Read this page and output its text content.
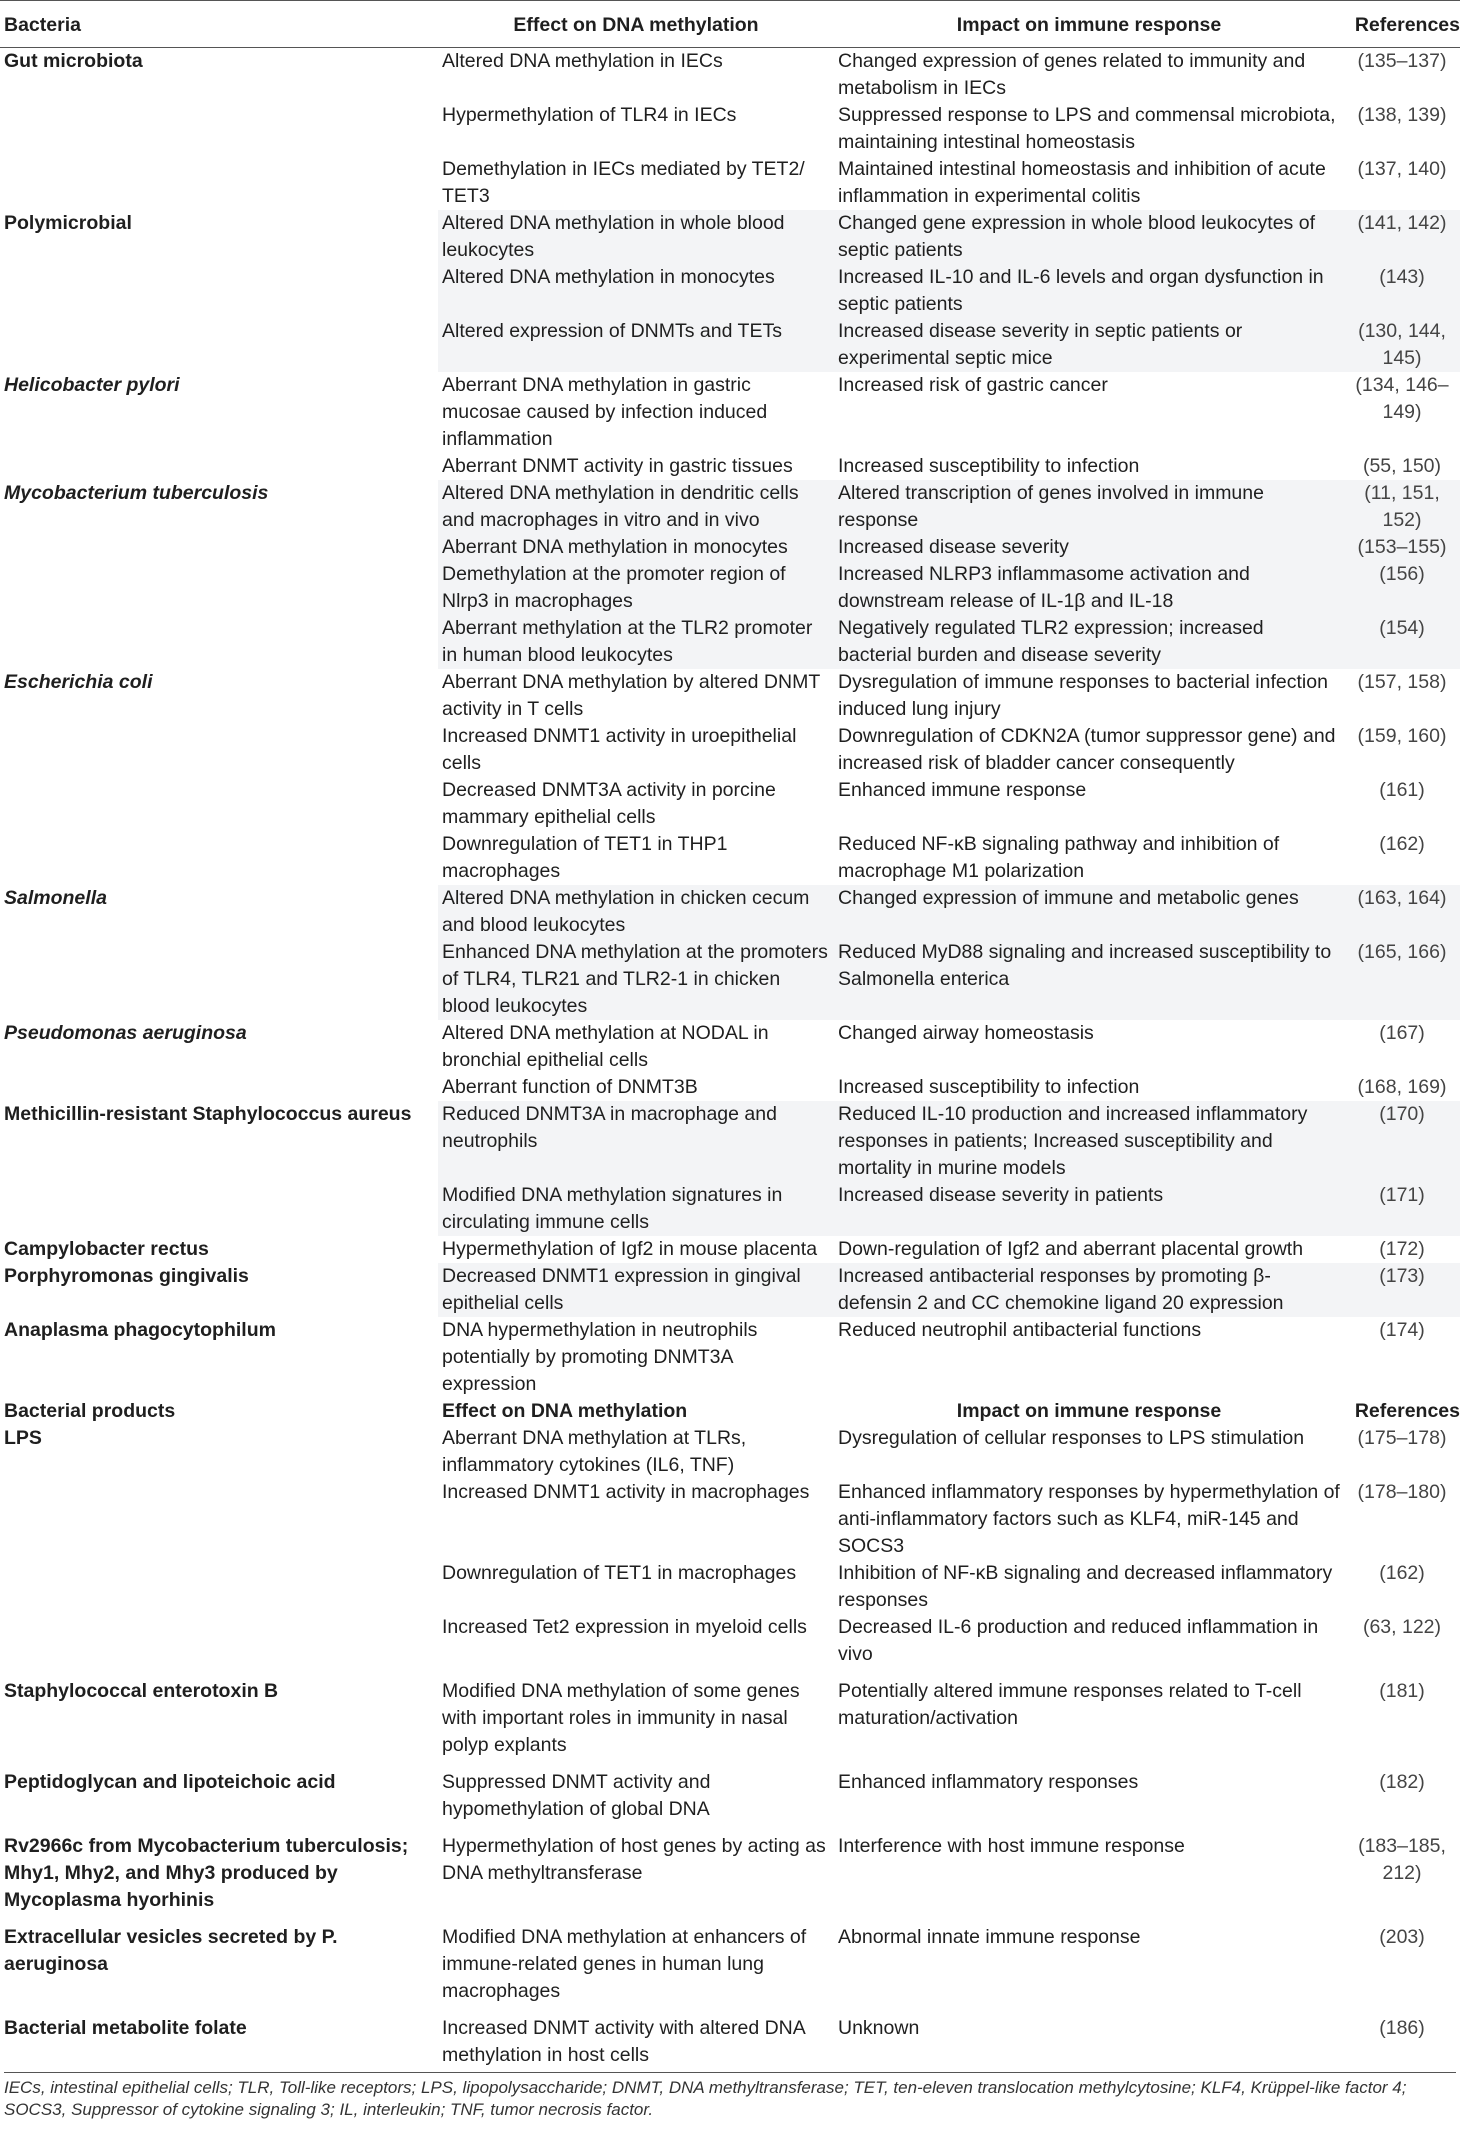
Bacteria	Effect on DNA methylation	Impact on immune response	References
Gut microbiota	Altered DNA methylation in IECs	Changed expression of genes related to immunity and metabolism in IECs	(135–137)
	Hypermethylation of TLR4 in IECs	Suppressed response to LPS and commensal microbiota, maintaining intestinal homeostasis	(138, 139)
	Demethylation in IECs mediated by TET2/ TET3	Maintained intestinal homeostasis and inhibition of acute inflammation in experimental colitis	(137, 140)
Polymicrobial	Altered DNA methylation in whole blood leukocytes	Changed gene expression in whole blood leukocytes of septic patients	(141, 142)
	Altered DNA methylation in monocytes	Increased IL-10 and IL-6 levels and organ dysfunction in septic patients	(143)
	Altered expression of DNMTs and TETs	Increased disease severity in septic patients or experimental septic mice	(130, 144, 145)
Helicobacter pylori	Aberrant DNA methylation in gastric mucosae caused by infection induced inflammation	Increased risk of gastric cancer	(134, 146–149)
	Aberrant DNMT activity in gastric tissues	Increased susceptibility to infection	(55, 150)
Mycobacterium tuberculosis	Altered DNA methylation in dendritic cells and macrophages in vitro and in vivo	Altered transcription of genes involved in immune response	(11, 151, 152)
	Aberrant DNA methylation in monocytes	Increased disease severity	(153–155)
	Demethylation at the promoter region of Nlrp3 in macrophages	Increased NLRP3 inflammasome activation and downstream release of IL-1β and IL-18	(156)
	Aberrant methylation at the TLR2 promoter in human blood leukocytes	Negatively regulated TLR2 expression; increased bacterial burden and disease severity	(154)
Escherichia coli	Aberrant DNA methylation by altered DNMT activity in T cells	Dysregulation of immune responses to bacterial infection induced lung injury	(157, 158)
	Increased DNMT1 activity in uroepithelial cells	Downregulation of CDKN2A (tumor suppressor gene) and increased risk of bladder cancer consequently	(159, 160)
	Decreased DNMT3A activity in porcine mammary epithelial cells	Enhanced immune response	(161)
	Downregulation of TET1 in THP1 macrophages	Reduced NF-κB signaling pathway and inhibition of macrophage M1 polarization	(162)
Salmonella	Altered DNA methylation in chicken cecum and blood leukocytes	Changed expression of immune and metabolic genes	(163, 164)
	Enhanced DNA methylation at the promoters of TLR4, TLR21 and TLR2-1 in chicken blood leukocytes	Reduced MyD88 signaling and increased susceptibility to Salmonella enterica	(165, 166)
Pseudomonas aeruginosa	Altered DNA methylation at NODAL in bronchial epithelial cells	Changed airway homeostasis	(167)
	Aberrant function of DNMT3B	Increased susceptibility to infection	(168, 169)
Methicillin-resistant Staphylococcus aureus	Reduced DNMT3A in macrophage and neutrophils	Reduced IL-10 production and increased inflammatory responses in patients; Increased susceptibility and mortality in murine models	(170)
	Modified DNA methylation signatures in circulating immune cells	Increased disease severity in patients	(171)
Campylobacter rectus	Hypermethylation of Igf2 in mouse placenta	Down-regulation of Igf2 and aberrant placental growth	(172)
Porphyromonas gingivalis	Decreased DNMT1 expression in gingival epithelial cells	Increased antibacterial responses by promoting β-defensin 2 and CC chemokine ligand 20 expression	(173)
Anaplasma phagocytophilum	DNA hypermethylation in neutrophils potentially by promoting DNMT3A expression	Reduced neutrophil antibacterial functions	(174)
Bacterial products	Effect on DNA methylation	Impact on immune response	References
LPS	Aberrant DNA methylation at TLRs, inflammatory cytokines (IL6, TNF)	Dysregulation of cellular responses to LPS stimulation	(175–178)
	Increased DNMT1 activity in macrophages	Enhanced inflammatory responses by hypermethylation of anti-inflammatory factors such as KLF4, miR-145 and SOCS3	(178–180)
	Downregulation of TET1 in macrophages	Inhibition of NF-κB signaling and decreased inflammatory responses	(162)
	Increased Tet2 expression in myeloid cells	Decreased IL-6 production and reduced inflammation in vivo	(63, 122)
Staphylococcal enterotoxin B	Modified DNA methylation of some genes with important roles in immunity in nasal polyp explants	Potentially altered immune responses related to T-cell maturation/activation	(181)
Peptidoglycan and lipoteichoic acid	Suppressed DNMT activity and hypomethylation of global DNA	Enhanced inflammatory responses	(182)
Rv2966c from Mycobacterium tuberculosis; Mhy1, Mhy2, and Mhy3 produced by Mycoplasma hyorhinis	Hypermethylation of host genes by acting as DNA methyltransferase	Interference with host immune response	(183–185, 212)
Extracellular vesicles secreted by P. aeruginosa	Modified DNA methylation at enhancers of immune-related genes in human lung macrophages	Abnormal innate immune response	(203)
Bacterial metabolite folate	Increased DNMT activity with altered DNA methylation in host cells	Unknown	(186)
IECs, intestinal epithelial cells; TLR, Toll-like receptors; LPS, lipopolysaccharide; DNMT, DNA methyltransferase; TET, ten-eleven translocation methylcytosine; KLF4, Krüppel-like factor 4; SOCS3, Suppressor of cytokine signaling 3; IL, interleukin; TNF, tumor necrosis factor.
